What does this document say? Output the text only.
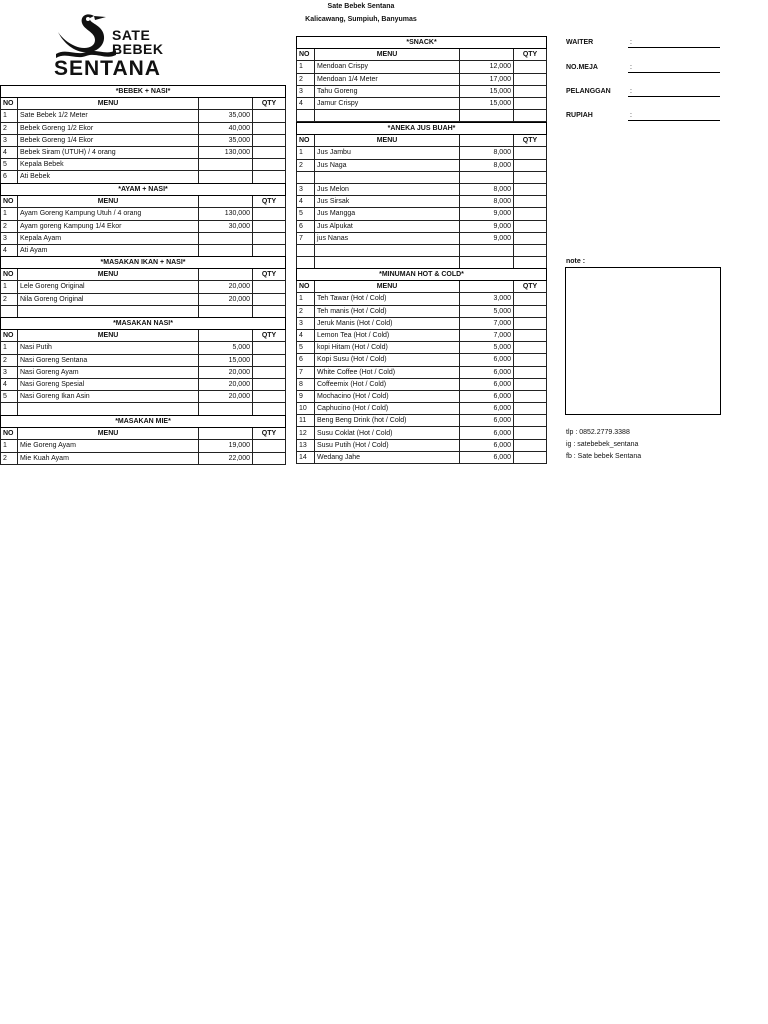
SATE
BEBEK
SENTANA
Sate Bebek Sentana
Kalicawang, Sumpiuh, Banyumas
*BEBEK + NASI*			
NO	MENU		QTY
1	Sate Bebek 1/2 Meter	35,000	
2	Bebek Goreng 1/2 Ekor	40,000	
3	Bebek Goreng 1/4 Ekor	35,000	
4	Bebek Siram (UTUH) / 4 orang	130,000	
5	Kepala Bebek		
6	Ati Bebek		
*AYAM + NASI*			
NO	MENU		QTY
1	Ayam Goreng Kampung Utuh / 4 orang	130,000	
2	Ayam goreng Kampung 1/4 Ekor	30,000	
3	Kepala Ayam		
4	Ati Ayam		
*MASAKAN IKAN + NASI*			
NO	MENU		QTY
1	Lele Goreng Original	20,000	
2	Nila Goreng Original	20,000	

*MASAKAN NASI*			
NO	MENU		QTY
1	Nasi Putih	5,000	
2	Nasi Goreng Sentana	15,000	
3	Nasi Goreng Ayam	20,000	
4	Nasi Goreng Spesial	20,000	
5	Nasi Goreng Ikan Asin	20,000	

*MASAKAN MIE*			
NO	MENU		QTY
1	Mie Goreng Ayam	19,000	
2	Mie Kuah Ayam	22,000	
*SNACK*			
NO	MENU		QTY
1	Mendoan Crispy	12,000	
2	Mendoan 1/4 Meter	17,000	
3	Tahu Goreng	15,000	
4	Jamur Crispy	15,000	

*ANEKA JUS BUAH*			
NO	MENU		QTY
1	Jus Jambu	8,000	
2	Jus Naga	8,000	

3	Jus Melon	8,000	
4	Jus Sirsak	8,000	
5	Jus Mangga	9,000	
6	Jus Alpukat	9,000	
7	jus Nanas	9,000	

*MINUMAN HOT & COLD*			
NO	MENU		QTY
1	Teh Tawar (Hot / Cold)	3,000	
2	Teh manis (Hot / Cold)	5,000	
3	Jeruk Manis (Hot / Cold)	7,000	
4	Lemon Tea (Hot / Cold)	7,000	
5	kopi Hitam (Hot / Cold)	5,000	
6	Kopi Susu (Hot / Cold)	6,000	
7	White Coffee (Hot / Cold)	6,000	
8	Coffeemix (Hot / Cold)	6,000	
9	Mochacino (Hot / Cold)	6,000	
10	Caphucino (Hot / Cold)	6,000	
11	Beng Beng Drink (hot / Cold)	6,000	
12	Susu Coklat (Hot / Cold)	6,000	
13	Susu Putih (Hot / Cold)	6,000	
14	Wedang Jahe	6,000	
WAITER	:
NO.MEJA	:
PELANGGAN	:
RUPIAH	:
note :
tlp : 0852.2779.3388
ig : satebebek_sentana
fb : Sate bebek Sentana
